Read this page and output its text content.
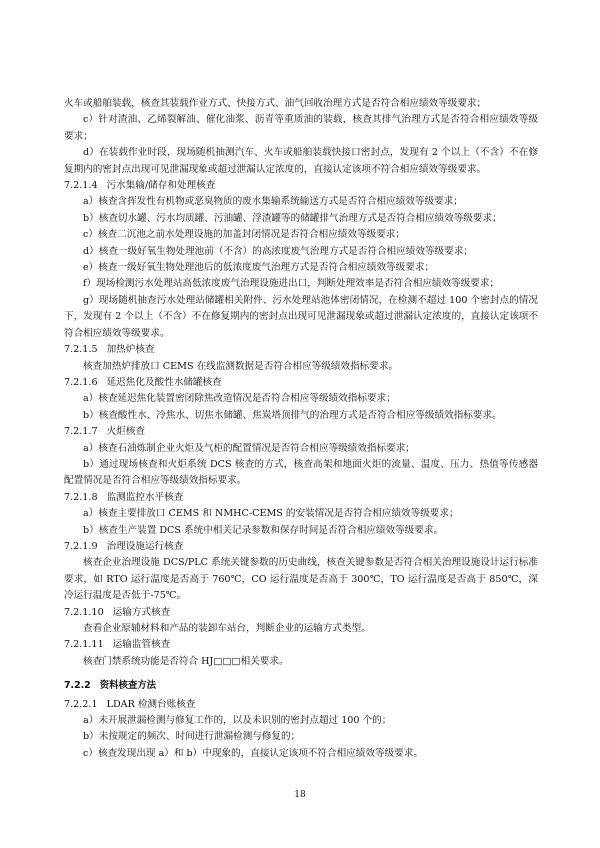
火车或船舶装载，核查其装载作业方式、快接方式、油气回收治理方式是否符合相应绩效等级要求；

c）针对渣油、乙烯裂解油、催化油浆、沥青等重质油的装载，核查其排气治理方式是否符合相应绩效等级要求；

d）在装载作业时段，现场随机抽测汽车、火车或船舶装载快接口密封点，发现有 2 个以上（不含）不在修复期内的密封点出现可见泄漏现象或超过泄漏认定浓度的，直接认定该项不符合相应绩效等级要求。

7.2.1.4 污水集输/储存和处理核查

a）核查含挥发性有机物或恶臭物质的废水集输系统输送方式是否符合相应绩效等级要求；

b）核查切水罐、污水均质罐、污油罐、浮渣罐等的储罐排气治理方式是否符合相应绩效等级要求；

c）核查二沉池之前水处理设施的加盖封闭情况是否符合相应绩效等级要求；

d）核查一级好氧生物处理池前（不含）的高浓度废气治理方式是否符合相应绩效等级要求；

e）核查一级好氧生物处理池后的低浓度废气治理方式是否符合相应绩效等级要求；

f）现场检测污水处理站高低浓度废气治理设施进出口，判断处理效率是否符合相应绩效等级要求；

g）现场随机抽查污水处理站储罐相关附件、污水处理站池体密闭情况，在检测不超过 100 个密封点的情况下，发现有 2 个以上（不含）不在修复期内的密封点出现可见泄漏现象或超过泄漏认定浓度的，直接认定该项不符合相应绩效等级要求。

7.2.1.5 加热炉核查

核查加热炉排放口 CEMS 在线监测数据是否符合相应等级绩效指标要求。

7.2.1.6 延迟焦化及酸性水储罐核查

a）核查延迟焦化装置密闭除焦改造情况是否符合相应等级绩效指标要求；

b）核查酸性水、冷焦水、切焦水储罐、焦炭塔顶排气的治理方式是否符合相应等级绩效指标要求。

7.2.1.7 火炬核查

a）核查石油炼制企业火炬及气柜的配置情况是否符合相应等级绩效指标要求；

b）通过现场核查和火炬系统 DCS 核查的方式，核查高架和地面火炬的流量、温度、压力、热值等传感器配置情况是否符合相应等级绩效指标要求。

7.2.1.8 监测监控水平核查

a）核查主要排放口 CEMS 和 NMHC-CEMS 的安装情况是否符合相应绩效等级要求；

b）核查生产装置 DCS 系统中相关记录参数和保存时间是否符合相应绩效等级要求。

7.2.1.9 治理设施运行核查

核查企业治理设施 DCS/PLC 系统关键参数的历史曲线，核查关键参数是否符合相关治理设施设计运行标准要求，如 RTO 运行温度是否高于 760℃，CO 运行温度是否高于 300℃，TO 运行温度是否高于 850℃，深冷运行温度是否低于-75℃。

7.2.1.10 运输方式核查

查看企业原辅材料和产品的装卸车站台，判断企业的运输方式类型。

7.2.1.11 运输监管核查

核查门禁系统功能是否符合 HJ□□□相关要求。

7.2.2 资料核查方法
7.2.2.1 LDAR 检测台账核查

a）未开展泄漏检测与修复工作的，以及未识别的密封点超过 100 个的；

b）未按规定的频次、时间进行泄漏检测与修复的；

c）核查发现出现 a）和 b）中现象的，直接认定该项不符合相应绩效等级要求。

18
